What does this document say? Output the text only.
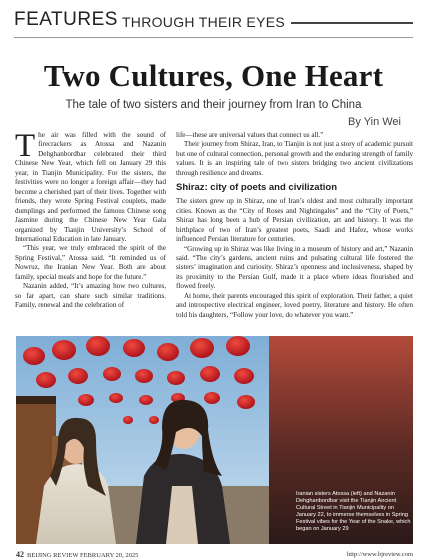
FEATURES THROUGH THEIR EYES
Two Cultures, One Heart
The tale of two sisters and their journey from Iran to China
By Yin Wei

The air was filled with the sound of firecrackers as Atossa and Nazanin Dehghanbordbar celebrated their third Chinese New Year, which fell on January 29 this year, in Tianjin Municipality. For the sisters, the festivities were no longer a foreign affair—they had become a cherished part of their lives. Together with friends, they wrote Spring Festival couplets, made dumplings and performed the famous Chinese song Jasmine during the Chinese New Year Gala organized by Tianjin University’s School of International Education in late January.

“This year, we truly embraced the spirit of the Spring Festival,” Atossa said. “It reminded us of Nowruz, the Iranian New Year. Both are about family, special meals and hope for the future.”

Nazanin added, “It’s amazing how two cultures, so far apart, can share such similar traditions. Family, renewal and the celebration of

life—these are universal values that connect us all.”

Their journey from Shiraz, Iran, to Tianjin is not just a story of academic pursuit but one of cultural connection, personal growth and the enduring strength of family values. It is an inspiring tale of two sisters bridging two ancient civilizations through resilience and dreams.

Shiraz: city of poets and civilization

The sisters grew up in Shiraz, one of Iran’s oldest and most culturally important cities. Known as the “City of Roses and Nightingales” and the “City of Poets,” Shiraz has long been a hub of Persian civilization, art and history. It was the birthplace of two of Iran’s greatest poets, Saadi and Hafez, whose works influenced Persian literature for centuries.

“Growing up in Shiraz was like living in a museum of history and art,” Nazanin said. “The city’s gardens, ancient ruins and pulsating cultural life fostered the sisters’ imagination and curiosity. Shiraz’s openness and inclusiveness, shaped by its proximity to the Persian Gulf, made it a place where ideas flourished and flowed freely.

At home, their parents encouraged this spirit of exploration. Their father, a quiet and introspective electrical engineer, loved poetry, literature and history. He often told his daughters, “Follow your love, do whatever you want.”

Iranian sisters Atossa (left) and Nazanin Dehghanbordbar visit the Tianjin Ancient Cultural Street in Tianjin Municipality on January 22, to immerse themselves in Spring Festival vibes for the Year of the Snake, which began on January 29
42 BEIJING REVIEW FEBRUARY 20, 2025	http://www.bjreview.com
